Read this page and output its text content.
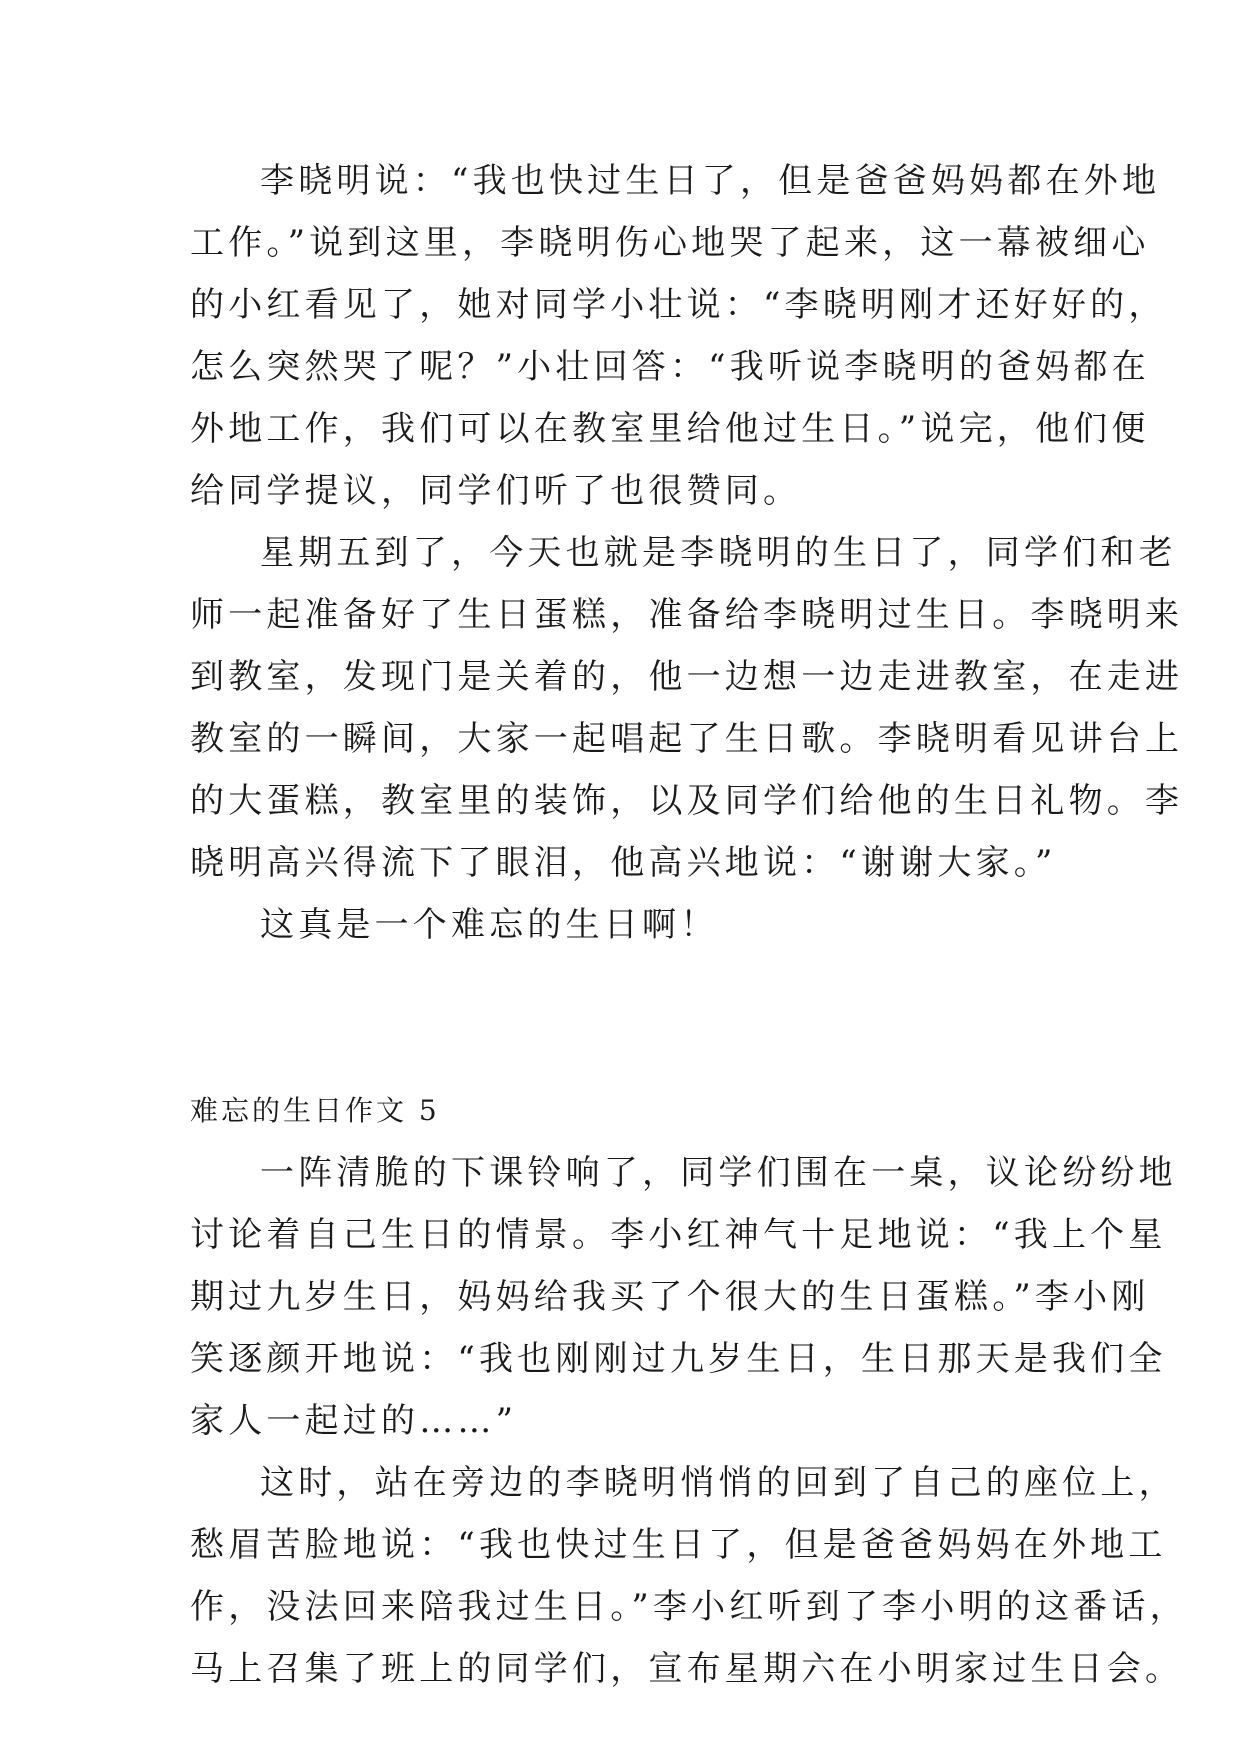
李晓明说：“我也快过生日了，但是爸爸妈妈都在外地
工作。”说到这里，李晓明伤心地哭了起来，这一幕被细心
的小红看见了，她对同学小壮说：“李晓明刚才还好好的，
怎么突然哭了呢？”小壮回答：“我听说李晓明的爸妈都在
外地工作，我们可以在教室里给他过生日。”说完，他们便
给同学提议，同学们听了也很赞同。
星期五到了，今天也就是李晓明的生日了，同学们和老
师一起准备好了生日蛋糕，准备给李晓明过生日。李晓明来
到教室，发现门是关着的，他一边想一边走进教室，在走进
教室的一瞬间，大家一起唱起了生日歌。李晓明看见讲台上
的大蛋糕，教室里的装饰，以及同学们给他的生日礼物。李
晓明高兴得流下了眼泪，他高兴地说：“谢谢大家。”
这真是一个难忘的生日啊！
难忘的生日作文 5
一阵清脆的下课铃响了，同学们围在一桌，议论纷纷地
讨论着自己生日的情景。李小红神气十足地说：“我上个星
期过九岁生日，妈妈给我买了个很大的生日蛋糕。”李小刚
笑逐颜开地说：“我也刚刚过九岁生日，生日那天是我们全
家人一起过的……”
这时，站在旁边的李晓明悄悄的回到了自己的座位上，
愁眉苦脸地说：“我也快过生日了，但是爸爸妈妈在外地工
作，没法回来陪我过生日。”李小红听到了李小明的这番话，
马上召集了班上的同学们，宣布星期六在小明家过生日会。
